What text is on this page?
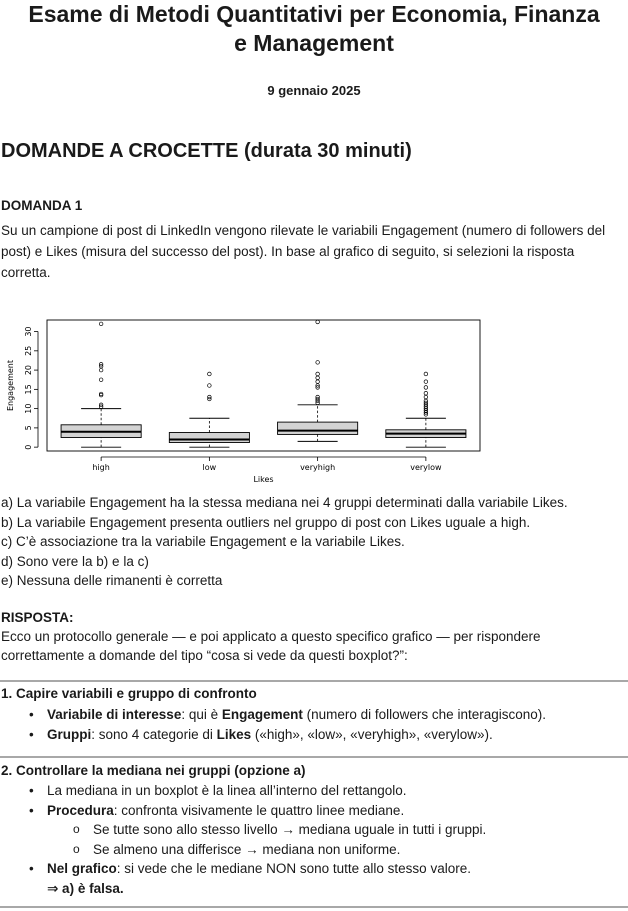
Esame di Metodi Quantitativi per Economia, Finanza
e Management
9 gennaio 2025
DOMANDE A CROCETTE (durata 30 minuti)
DOMANDA 1
Su un campione di post di LinkedIn vengono rilevate le variabili Engagement (numero di followers del post) e Likes (misura del successo del post). In base al grafico di seguito, si selezioni la risposta corretta.
0
5
10
15
20
25
30
Engagement
high	low	veryhigh	verylow
Likes
a) La variabile Engagement ha la stessa mediana nei 4 gruppi determinati dalla variabile Likes.
b) La variabile Engagement presenta outliers nel gruppo di post con Likes uguale a high.
c) C’è associazione tra la variabile Engagement e la variabile Likes.
d) Sono vere la b) e la c)
e) Nessuna delle rimanenti è corretta
RISPOSTA:
Ecco un protocollo generale — e poi applicato a questo specifico grafico — per rispondere correttamente a domande del tipo “cosa si vede da questi boxplot?”:
1. Capire variabili e gruppo di confronto
• Variabile di interesse: qui è Engagement (numero di followers che interagiscono).
• Gruppi: sono 4 categorie di Likes («high», «low», «veryhigh», «verylow»).
2. Controllare la mediana nei gruppi (opzione a)
• La mediana in un boxplot è la linea all’interno del rettangolo.
• Procedura: confronta visivamente le quattro linee mediane.
o Se tutte sono allo stesso livello → mediana uguale in tutti i gruppi.
o Se almeno una differisce → mediana non uniforme.
• Nel grafico: si vede che le mediane NON sono tutte allo stesso valore.
⇒ a) è falsa.
